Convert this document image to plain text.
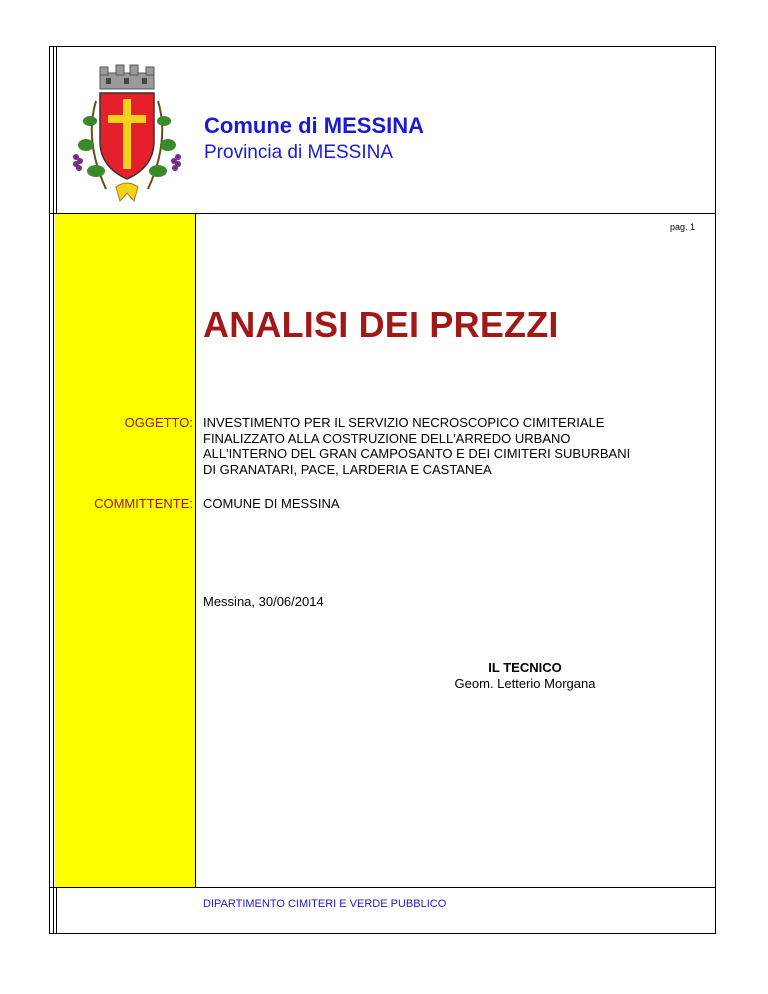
Comune di MESSINA
Provincia di MESSINA
pag. 1
ANALISI DEI PREZZI
OGGETTO: INVESTIMENTO PER IL SERVIZIO NECROSCOPICO CIMITERIALE
FINALIZZATO ALLA COSTRUZIONE DELL'ARREDO URBANO
ALL'INTERNO DEL GRAN CAMPOSANTO E DEI CIMITERI SUBURBANI
DI GRANATARI, PACE, LARDERIA E CASTANEA
COMMITTENTE: COMUNE DI MESSINA
Messina, 30/06/2014
IL TECNICO
Geom. Letterio Morgana
DIPARTIMENTO CIMITERI E VERDE PUBBLICO
